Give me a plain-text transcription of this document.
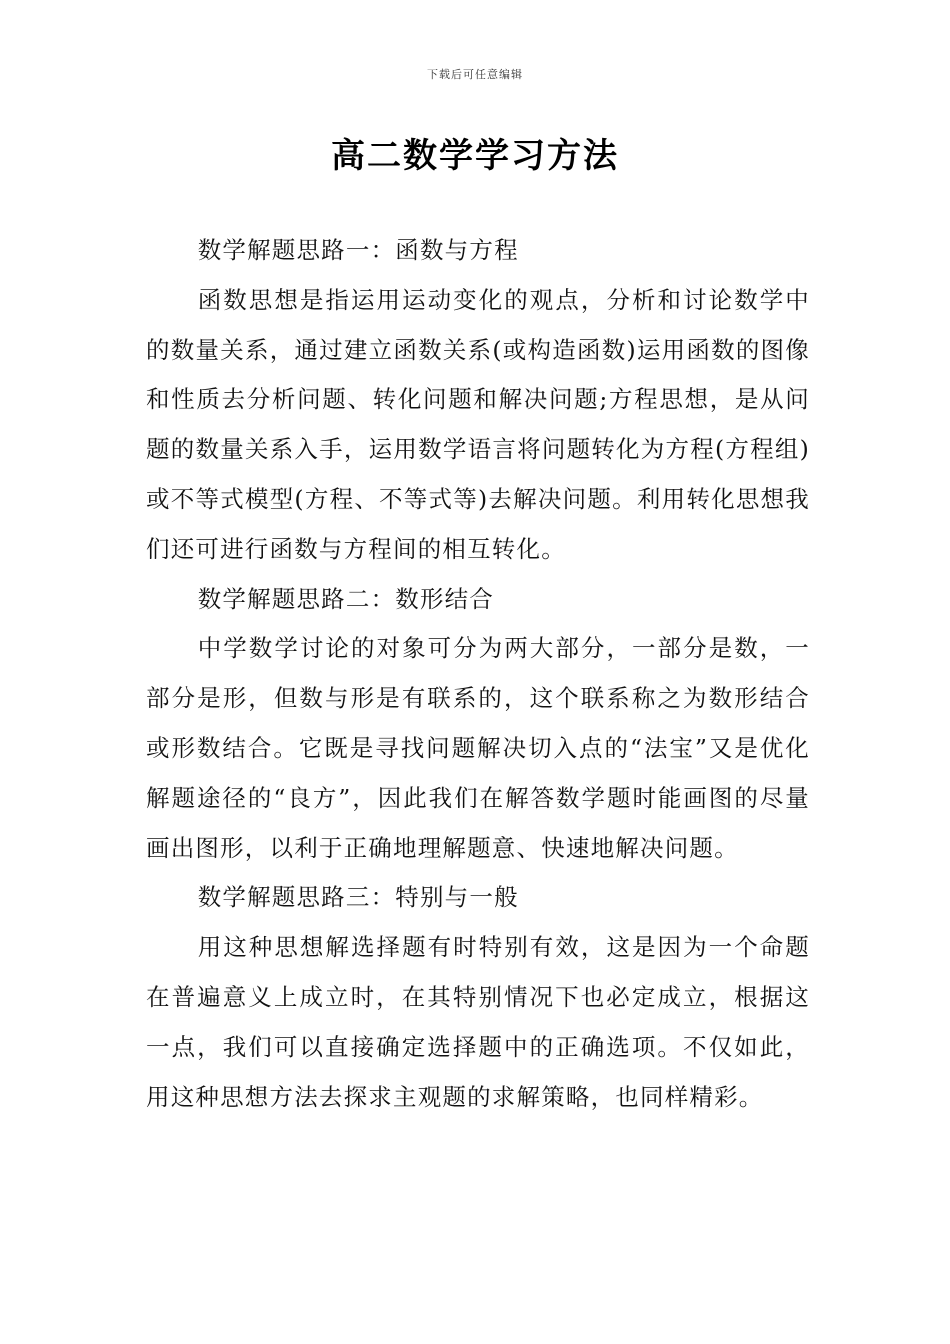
下载后可任意编辑
高二数学学习方法

数学解题思路一：函数与方程

函数思想是指运用运动变化的观点，分析和讨论数学中的数量关系，通过建立函数关系(或构造函数)运用函数的图像和性质去分析问题、转化问题和解决问题;方程思想，是从问题的数量关系入手，运用数学语言将问题转化为方程(方程组)或不等式模型(方程、不等式等)去解决问题。利用转化思想我们还可进行函数与方程间的相互转化。

数学解题思路二：数形结合

中学数学讨论的对象可分为两大部分，一部分是数，一部分是形，但数与形是有联系的，这个联系称之为数形结合或形数结合。它既是寻找问题解决切入点的“法宝”又是优化解题途径的“良方”，因此我们在解答数学题时能画图的尽量画出图形，以利于正确地理解题意、快速地解决问题。

数学解题思路三：特别与一般

用这种思想解选择题有时特别有效，这是因为一个命题在普遍意义上成立时，在其特别情况下也必定成立，根据这一点，我们可以直接确定选择题中的正确选项。不仅如此，用这种思想方法去探求主观题的求解策略，也同样精彩。
